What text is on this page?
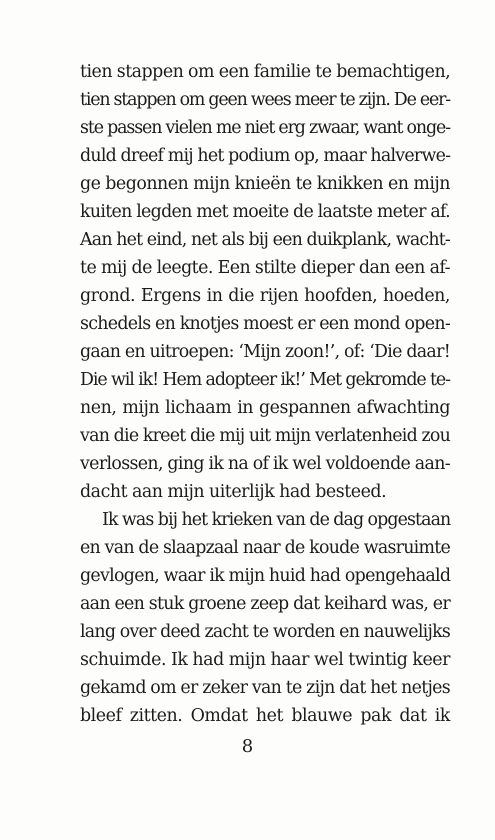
tien stappen om een familie te bemachtigen,
tien stappen om geen wees meer te zijn. De eer-
ste passen vielen me niet erg zwaar, want onge-
duld dreef mij het podium op, maar halverwe-
ge begonnen mijn knieën te knikken en mijn
kuiten legden met moeite de laatste meter af.
Aan het eind, net als bij een duikplank, wacht-
te mij de leegte. Een stilte dieper dan een af-
grond. Ergens in die rijen hoofden, hoeden,
schedels en knotjes moest er een mond open-
gaan en uitroepen: ‘Mijn zoon!’, of: ‘Die daar!
Die wil ik! Hem adopteer ik!’ Met gekromde te-
nen, mijn lichaam in gespannen afwachting
van die kreet die mij uit mijn verlatenheid zou
verlossen, ging ik na of ik wel voldoende aan-
dacht aan mijn uiterlijk had besteed.
Ik was bij het krieken van de dag opgestaan
en van de slaapzaal naar de koude wasruimte
gevlogen, waar ik mijn huid had opengehaald
aan een stuk groene zeep dat keihard was, er
lang over deed zacht te worden en nauwelijks
schuimde. Ik had mijn haar wel twintig keer
gekamd om er zeker van te zijn dat het netjes
bleef zitten. Omdat het blauwe pak dat ik
8
